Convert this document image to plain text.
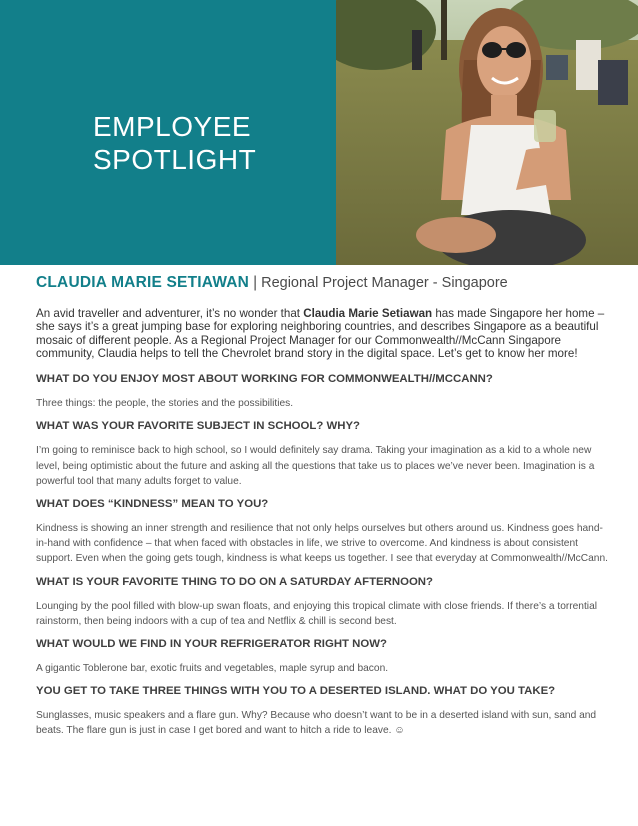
EMPLOYEE
SPOTLIGHT
CLAUDIA MARIE SETIAWAN | Regional Project Manager - Singapore

An avid traveller and adventurer, it’s no wonder that Claudia Marie Setiawan has made Singapore her home – she says it’s a great jumping base for exploring neighboring countries, and describes Singapore as a beautiful mosaic of different people. As a Regional Project Manager for our Commonwealth//McCann Singapore community, Claudia helps to tell the Chevrolet brand story in the digital space. Let’s get to know her more!

WHAT DO YOU ENJOY MOST ABOUT WORKING FOR COMMONWEALTH//MCCANN?
Three things: the people, the stories and the possibilities.
WHAT WAS YOUR FAVORITE SUBJECT IN SCHOOL? WHY?
I’m going to reminisce back to high school, so I would definitely say drama. Taking your imagination as a kid to a whole new level, being optimistic about the future and asking all the questions that take us to places we’ve never been. Imagination is a powerful tool that many adults forget to value.
WHAT DOES “KINDNESS” MEAN TO YOU?
Kindness is showing an inner strength and resilience that not only helps ourselves but others around us. Kindness goes hand-in-hand with confidence – that when faced with obstacles in life, we strive to overcome. And kindness is about consistent support. Even when the going gets tough, kindness is what keeps us together. I see that everyday at Commonwealth//McCann.
WHAT IS YOUR FAVORITE THING TO DO ON A SATURDAY AFTERNOON?
Lounging by the pool filled with blow-up swan floats, and enjoying this tropical climate with close friends. If there’s a torrential rainstorm, then being indoors with a cup of tea and Netflix & chill is second best.
WHAT WOULD WE FIND IN YOUR REFRIGERATOR RIGHT NOW?
A gigantic Toblerone bar, exotic fruits and vegetables, maple syrup and bacon.
YOU GET TO TAKE THREE THINGS WITH YOU TO A DESERTED ISLAND. WHAT DO YOU TAKE?
Sunglasses, music speakers and a flare gun. Why? Because who doesn’t want to be in a deserted island with sun, sand and beats. The flare gun is just in case I get bored and want to hitch a ride to leave. ☺
